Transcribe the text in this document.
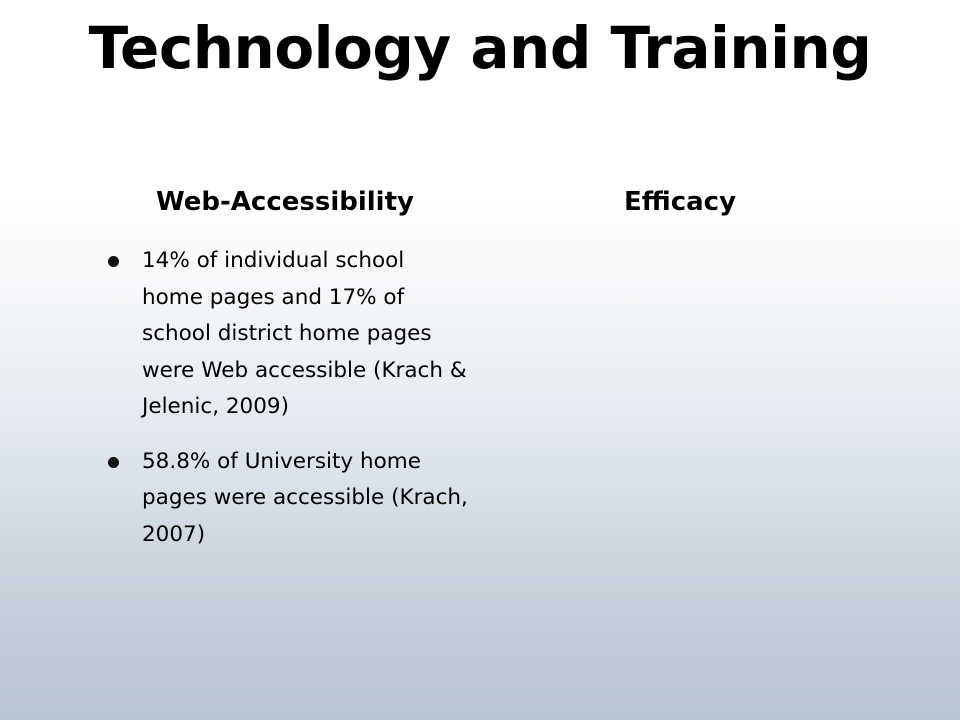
Technology and Training
Web-Accessibility	Efficacy
14% of individual school home pages and 17% of school district home pages were Web accessible (Krach & Jelenic, 2009)
58.8% of University home pages were accessible (Krach, 2007)
